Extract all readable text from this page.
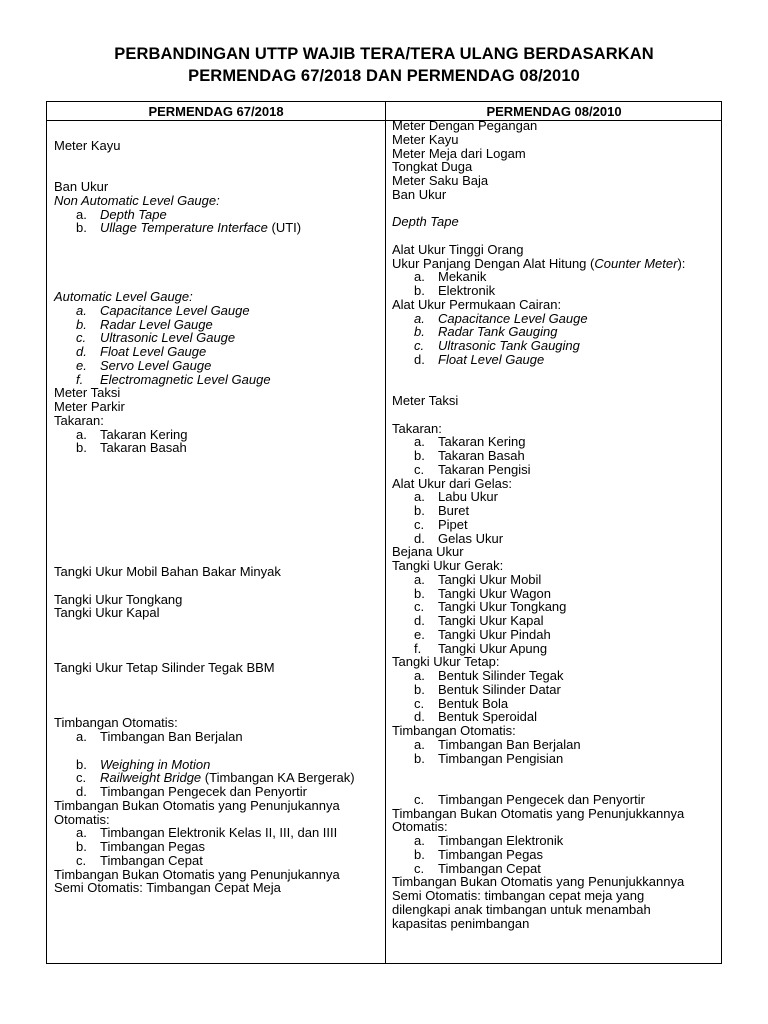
PERBANDINGAN UTTP WAJIB TERA/TERA ULANG BERDASARKAN
PERMENDAG 67/2018 DAN PERMENDAG 08/2010
PERMENDAG 67/2018	PERMENDAG 08/2010
Meter Kayu
Ban Ukur
Non Automatic Level Gauge:
a. Depth Tape
b. Ullage Temperature Interface (UTI)
Automatic Level Gauge:
a. Capacitance Level Gauge
b. Radar Level Gauge
c. Ultrasonic Level Gauge
d. Float Level Gauge
e. Servo Level Gauge
f. Electromagnetic Level Gauge
Meter Taksi
Meter Parkir
Takaran:
a. Takaran Kering
b. Takaran Basah
Tangki Ukur Mobil Bahan Bakar Minyak
Tangki Ukur Tongkang
Tangki Ukur Kapal
Tangki Ukur Tetap Silinder Tegak BBM
Timbangan Otomatis:
a. Timbangan Ban Berjalan
b. Weighing in Motion
c. Railweight Bridge (Timbangan KA Bergerak)
d. Timbangan Pengecek dan Penyortir
Timbangan Bukan Otomatis yang Penunjukannya
Otomatis:
a. Timbangan Elektronik Kelas II, III, dan IIII
b. Timbangan Pegas
c. Timbangan Cepat
Timbangan Bukan Otomatis yang Penunjukannya
Semi Otomatis: Timbangan Cepat Meja
Meter Dengan Pegangan
Meter Kayu
Meter Meja dari Logam
Tongkat Duga
Meter Saku Baja
Ban Ukur
Depth Tape
Alat Ukur Tinggi Orang
Ukur Panjang Dengan Alat Hitung (Counter Meter):
a. Mekanik
b. Elektronik
Alat Ukur Permukaan Cairan:
a. Capacitance Level Gauge
b. Radar Tank Gauging
c. Ultrasonic Tank Gauging
d. Float Level Gauge
Meter Taksi
Takaran:
a. Takaran Kering
b. Takaran Basah
c. Takaran Pengisi
Alat Ukur dari Gelas:
a. Labu Ukur
b. Buret
c. Pipet
d. Gelas Ukur
Bejana Ukur
Tangki Ukur Gerak:
a. Tangki Ukur Mobil
b. Tangki Ukur Wagon
c. Tangki Ukur Tongkang
d. Tangki Ukur Kapal
e. Tangki Ukur Pindah
f. Tangki Ukur Apung
Tangki Ukur Tetap:
a. Bentuk Silinder Tegak
b. Bentuk Silinder Datar
c. Bentuk Bola
d. Bentuk Speroidal
Timbangan Otomatis:
a. Timbangan Ban Berjalan
b. Timbangan Pengisian
c. Timbangan Pengecek dan Penyortir
Timbangan Bukan Otomatis yang Penunjukkannya
Otomatis:
a. Timbangan Elektronik
b. Timbangan Pegas
c. Timbangan Cepat
Timbangan Bukan Otomatis yang Penunjukkannya
Semi Otomatis: timbangan cepat meja yang
dilengkapi anak timbangan untuk menambah
kapasitas penimbangan
